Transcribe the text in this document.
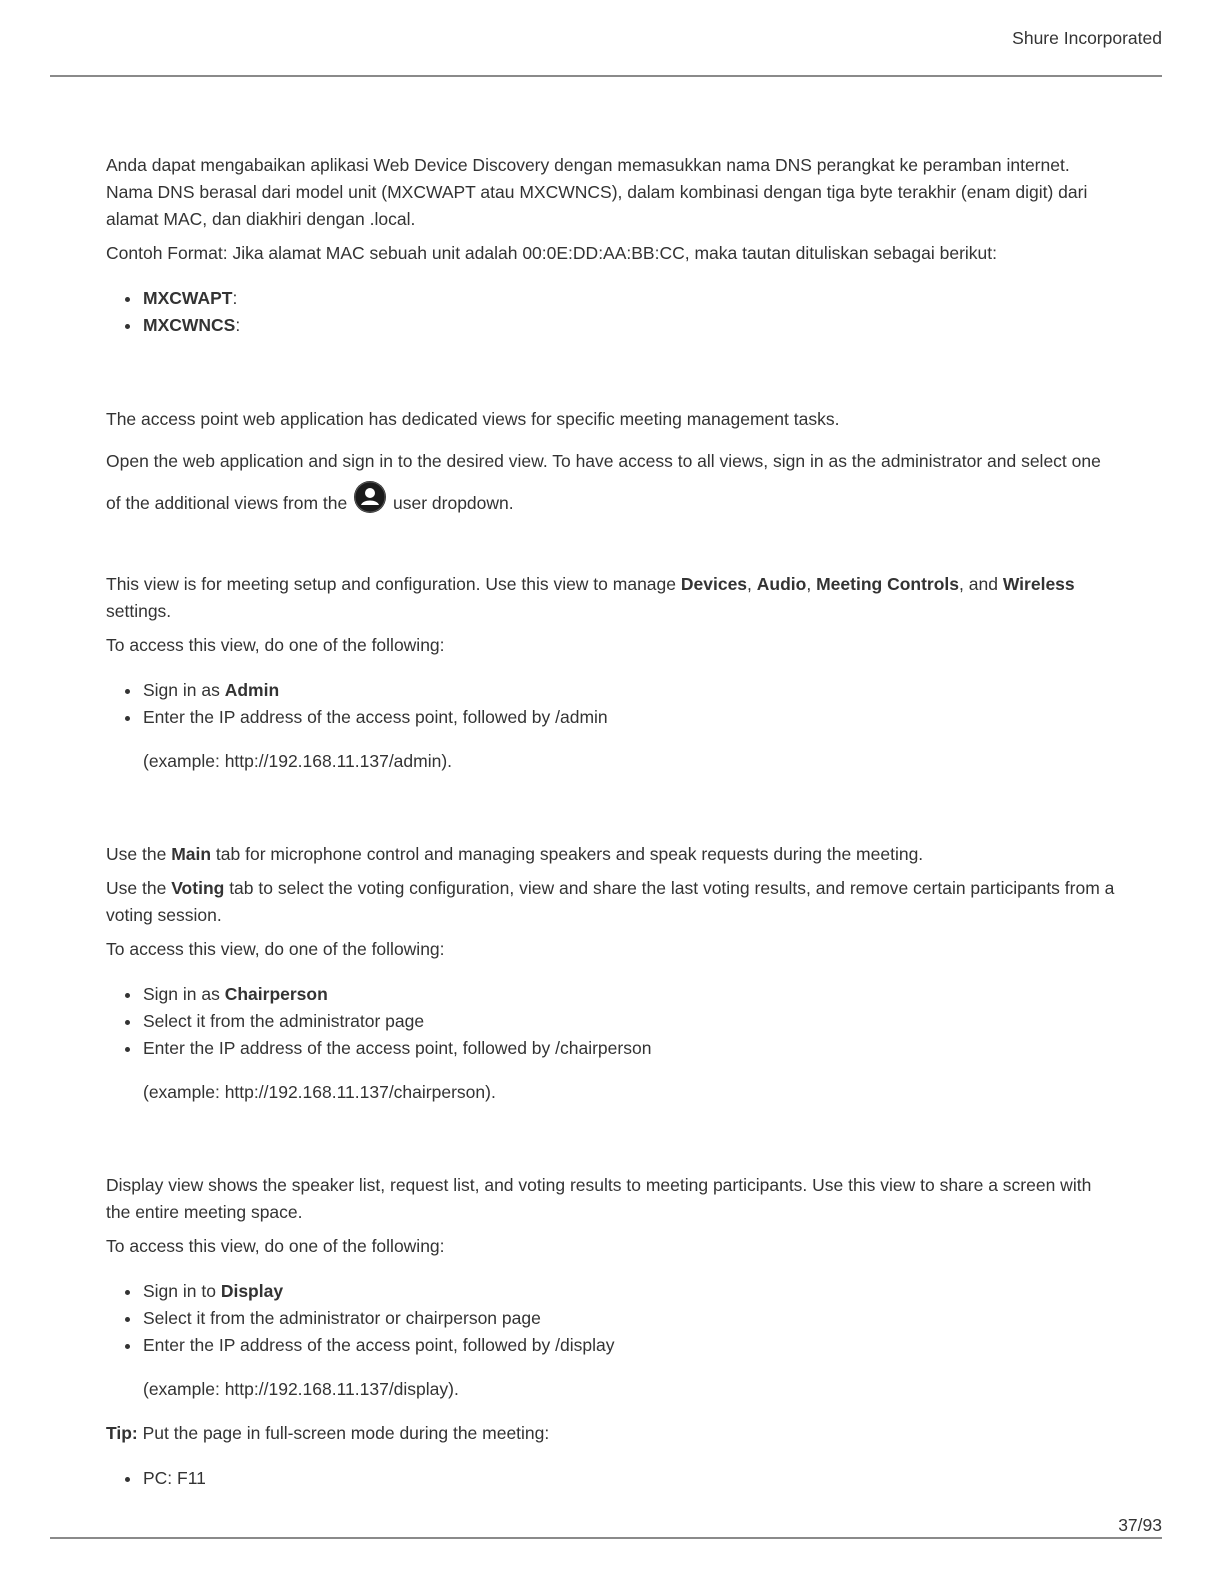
Shure Incorporated

Anda dapat mengabaikan aplikasi Web Device Discovery dengan memasukkan nama DNS perangkat ke peramban internet. Nama DNS berasal dari model unit (MXCWAPT atau MXCWNCS), dalam kombinasi dengan tiga byte terakhir (enam digit) dari alamat MAC, dan diakhiri dengan .local.

Contoh Format: Jika alamat MAC sebuah unit adalah 00:0E:DD:AA:BB:CC, maka tautan dituliskan sebagai berikut:

MXCWAPT:
MXCWNCS:

The access point web application has dedicated views for specific meeting management tasks.

Open the web application and sign in to the desired view. To have access to all views, sign in as the administrator and select one of the additional views from the	user dropdown.

This view is for meeting setup and configuration. Use this view to manage Devices, Audio, Meeting Controls, and Wireless settings.

To access this view, do one of the following:

Sign in as Admin
Enter the IP address of the access point, followed by /admin
(example: http://192.168.11.137/admin).

Use the Main tab for microphone control and managing speakers and speak requests during the meeting.

Use the Voting tab to select the voting configuration, view and share the last voting results, and remove certain participants from a voting session.

To access this view, do one of the following:

Sign in as Chairperson
Select it from the administrator page
Enter the IP address of the access point, followed by /chairperson
(example: http://192.168.11.137/chairperson).

Display view shows the speaker list, request list, and voting results to meeting participants. Use this view to share a screen with the entire meeting space.

To access this view, do one of the following:

Sign in to Display
Select it from the administrator or chairperson page
Enter the IP address of the access point, followed by /display
(example: http://192.168.11.137/display).

Tip: Put the page in full-screen mode during the meeting:

PC: F11
37/93
